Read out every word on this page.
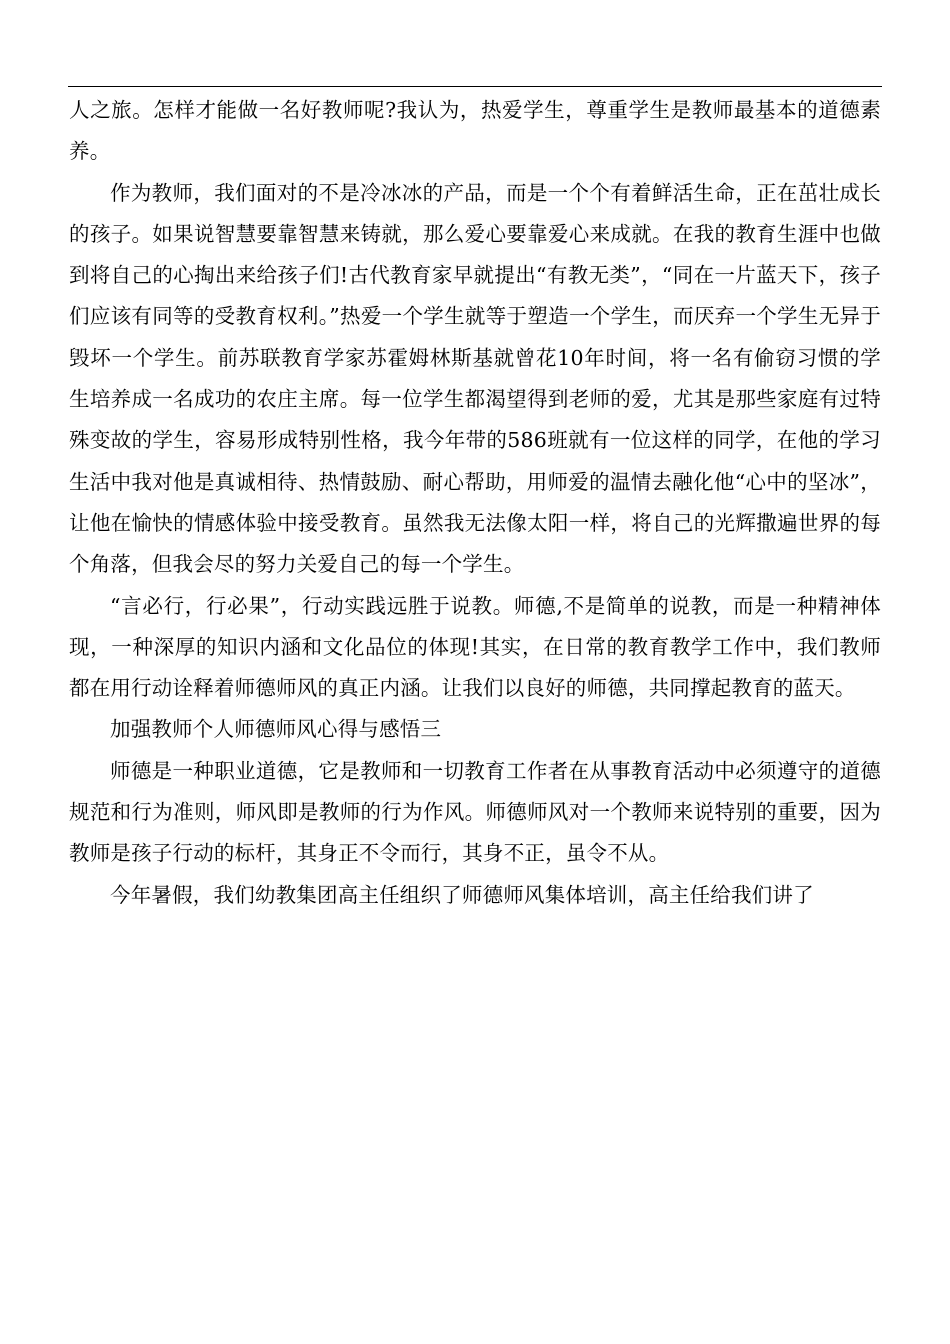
人之旅。怎样才能做一名好教师呢?我认为，热爱学生，尊重学生是教师最基本的道德素养。

作为教师，我们面对的不是冷冰冰的产品，而是一个个有着鲜活生命，正在茁壮成长的孩子。如果说智慧要靠智慧来铸就，那么爱心要靠爱心来成就。在我的教育生涯中也做到将自己的心掏出来给孩子们!古代教育家早就提出“有教无类”，“同在一片蓝天下，孩子们应该有同等的受教育权利。”热爱一个学生就等于塑造一个学生，而厌弃一个学生无异于毁坏一个学生。前苏联教育学家苏霍姆林斯基就曾花10年时间，将一名有偷窃习惯的学生培养成一名成功的农庄主席。每一位学生都渴望得到老师的爱，尤其是那些家庭有过特殊变故的学生，容易形成特别性格，我今年带的586班就有一位这样的同学，在他的学习生活中我对他是真诚相待、热情鼓励、耐心帮助，用师爱的温情去融化他“心中的坚冰”，让他在愉快的情感体验中接受教育。虽然我无法像太阳一样，将自己的光辉撒遍世界的每个角落，但我会尽的努力关爱自己的每一个学生。

“言必行，行必果”，行动实践远胜于说教。师德,不是简单的说教，而是一种精神体现，一种深厚的知识内涵和文化品位的体现!其实，在日常的教育教学工作中，我们教师都在用行动诠释着师德师风的真正内涵。让我们以良好的师德，共同撑起教育的蓝天。

加强教师个人师德师风心得与感悟三

师德是一种职业道德，它是教师和一切教育工作者在从事教育活动中必须遵守的道德规范和行为准则，师风即是教师的行为作风。师德师风对一个教师来说特别的重要，因为教师是孩子行动的标杆，其身正不令而行，其身不正，虽令不从。

今年暑假，我们幼教集团高主任组织了师德师风集体培训，高主任给我们讲了
